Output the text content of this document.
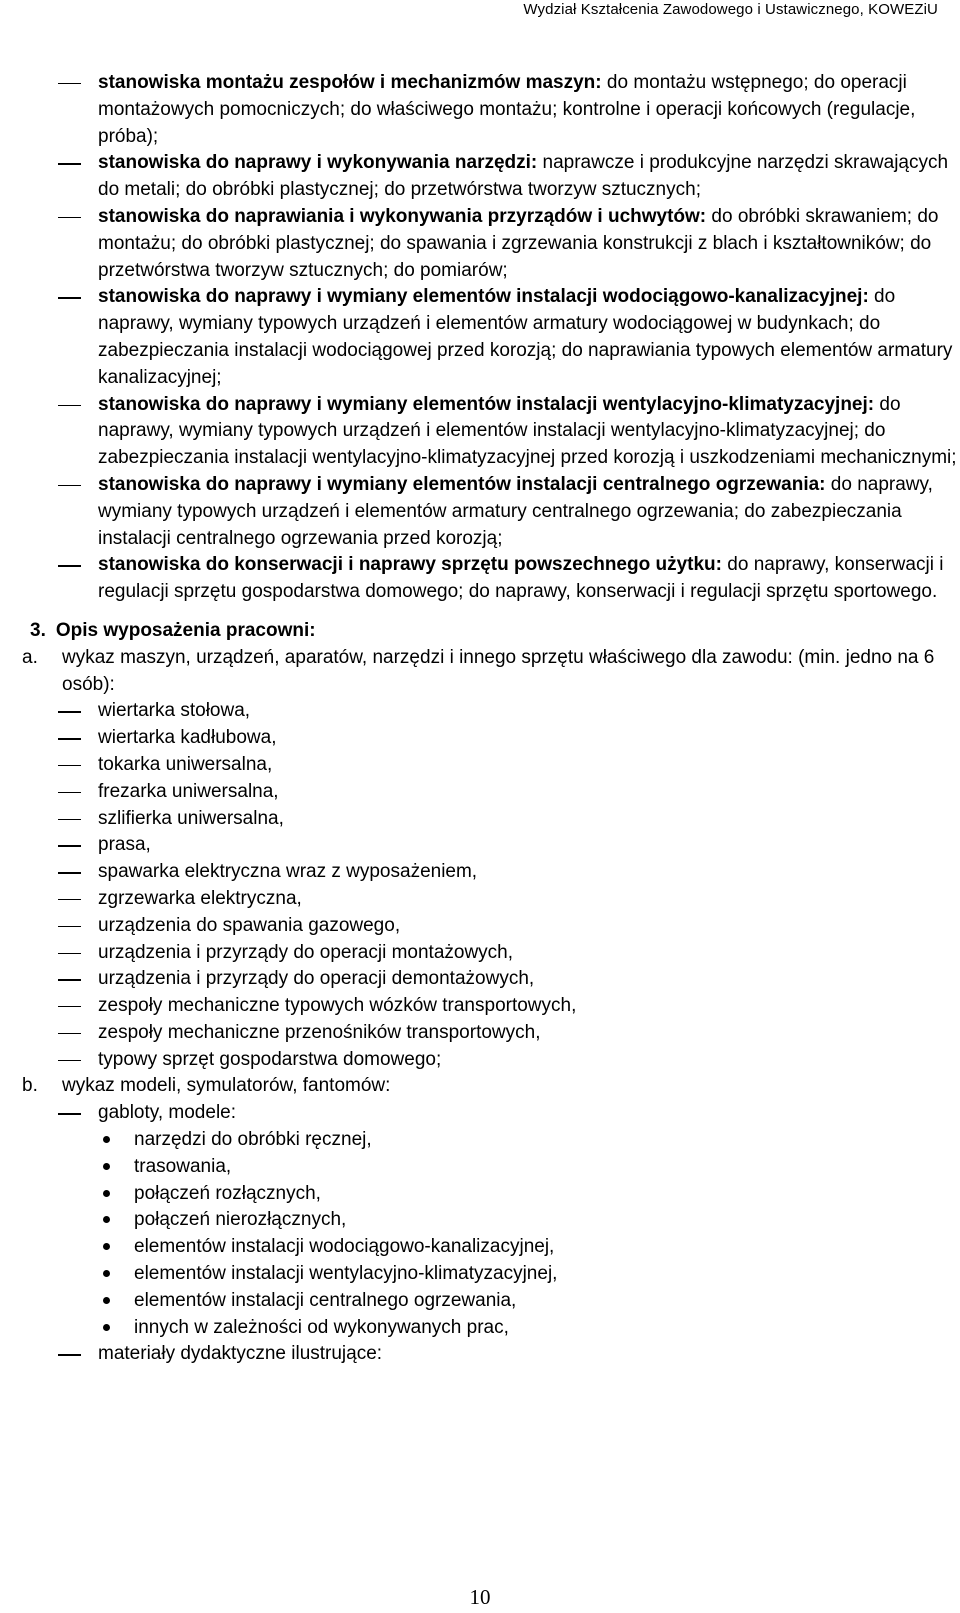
Wydział Kształcenia Zawodowego i Ustawicznego, KOWEZiU
stanowiska montażu zespołów i mechanizmów maszyn: do montażu wstępnego; do operacji montażowych pomocniczych; do właściwego montażu; kontrolne i operacji końcowych (regulacje, próba);
stanowiska do naprawy i wykonywania narzędzi: naprawcze i produkcyjne narzędzi skrawających do metali; do obróbki plastycznej; do przetwórstwa tworzyw sztucznych;
stanowiska do naprawiania i wykonywania przyrządów i uchwytów: do obróbki skrawaniem; do montażu; do obróbki plastycznej; do spawania i zgrzewania konstrukcji z blach i kształtowników; do przetwórstwa tworzyw sztucznych; do pomiarów;
stanowiska do naprawy i wymiany elementów instalacji wodociągowo-kanalizacyjnej: do naprawy, wymiany typowych urządzeń i elementów armatury wodociągowej w budynkach; do zabezpieczania instalacji wodociągowej przed korozją; do naprawiania typowych elementów armatury kanalizacyjnej;
stanowiska do naprawy i wymiany elementów instalacji wentylacyjno-klimatyzacyjnej: do naprawy, wymiany typowych urządzeń i elementów instalacji wentylacyjno-klimatyzacyjnej; do zabezpieczania instalacji wentylacyjno-klimatyzacyjnej przed korozją i uszkodzeniami mechanicznymi;
stanowiska do naprawy i wymiany elementów instalacji centralnego ogrzewania: do naprawy, wymiany typowych urządzeń i elementów armatury centralnego ogrzewania; do zabezpieczania instalacji centralnego ogrzewania przed korozją;
stanowiska do konserwacji i naprawy sprzętu powszechnego użytku: do naprawy, konserwacji i regulacji sprzętu gospodarstwa domowego; do naprawy, konserwacji i regulacji sprzętu sportowego.
3. Opis wyposażenia pracowni:
a. wykaz maszyn, urządzeń, aparatów, narzędzi i innego sprzętu właściwego dla zawodu: (min. jedno na 6 osób):
wiertarka stołowa,
wiertarka kadłubowa,
tokarka uniwersalna,
frezarka uniwersalna,
szlifierka uniwersalna,
prasa,
spawarka elektryczna wraz z wyposażeniem,
zgrzewarka elektryczna,
urządzenia do spawania gazowego,
urządzenia i przyrządy do operacji montażowych,
urządzenia i przyrządy do operacji demontażowych,
zespoły mechaniczne typowych wózków transportowych,
zespoły mechaniczne przenośników transportowych,
typowy sprzęt gospodarstwa domowego;
b. wykaz modeli, symulatorów, fantomów:
gabloty, modele:
narzędzi do obróbki ręcznej,
trasowania,
połączeń rozłącznych,
połączeń nierozłącznych,
elementów instalacji wodociągowo-kanalizacyjnej,
elementów instalacji wentylacyjno-klimatyzacyjnej,
elementów instalacji centralnego ogrzewania,
innych w zależności od wykonywanych prac,
materiały dydaktyczne ilustrujące:
10
